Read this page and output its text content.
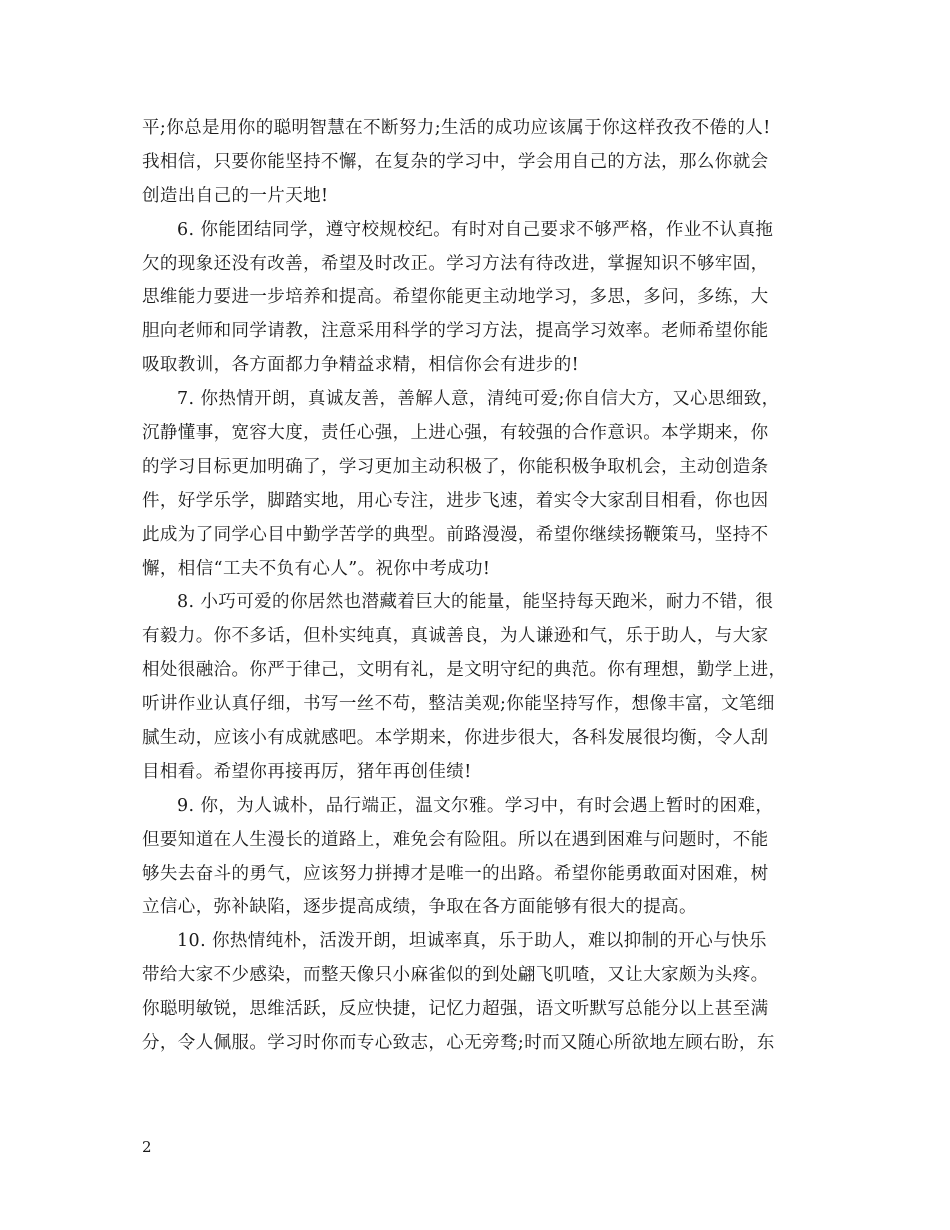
平;你总是用你的聪明智慧在不断努力;生活的成功应该属于你这样孜孜不倦的人!
我相信，只要你能坚持不懈，在复杂的学习中，学会用自己的方法，那么你就会
创造出自己的一片天地!
6. 你能团结同学，遵守校规校纪。有时对自己要求不够严格，作业不认真拖
欠的现象还没有改善，希望及时改正。学习方法有待改进，掌握知识不够牢固，
思维能力要进一步培养和提高。希望你能更主动地学习，多思，多问，多练，大
胆向老师和同学请教，注意采用科学的学习方法，提高学习效率。老师希望你能
吸取教训，各方面都力争精益求精，相信你会有进步的!
7. 你热情开朗，真诚友善，善解人意，清纯可爱;你自信大方，又心思细致，
沉静懂事，宽容大度，责任心强，上进心强，有较强的合作意识。本学期来，你
的学习目标更加明确了，学习更加主动积极了，你能积极争取机会，主动创造条
件，好学乐学，脚踏实地，用心专注，进步飞速，着实令大家刮目相看，你也因
此成为了同学心目中勤学苦学的典型。前路漫漫，希望你继续扬鞭策马，坚持不
懈，相信“工夫不负有心人”。祝你中考成功!
8. 小巧可爱的你居然也潜藏着巨大的能量，能坚持每天跑米，耐力不错，很
有毅力。你不多话，但朴实纯真，真诚善良，为人谦逊和气，乐于助人，与大家
相处很融洽。你严于律己，文明有礼，是文明守纪的典范。你有理想，勤学上进，
听讲作业认真仔细，书写一丝不苟，整洁美观;你能坚持写作，想像丰富，文笔细
腻生动，应该小有成就感吧。本学期来，你进步很大，各科发展很均衡，令人刮
目相看。希望你再接再厉，猪年再创佳绩!
9. 你，为人诚朴，品行端正，温文尔雅。学习中，有时会遇上暂时的困难，
但要知道在人生漫长的道路上，难免会有险阻。所以在遇到困难与问题时，不能
够失去奋斗的勇气，应该努力拼搏才是唯一的出路。希望你能勇敢面对困难，树
立信心，弥补缺陷，逐步提高成绩，争取在各方面能够有很大的提高。
10. 你热情纯朴，活泼开朗，坦诚率真，乐于助人，难以抑制的开心与快乐
带给大家不少感染，而整天像只小麻雀似的到处翩飞叽喳，又让大家颇为头疼。
你聪明敏锐，思维活跃，反应快捷，记忆力超强，语文听默写总能分以上甚至满
分，令人佩服。学习时你而专心致志，心无旁骛;时而又随心所欲地左顾右盼，东
2
